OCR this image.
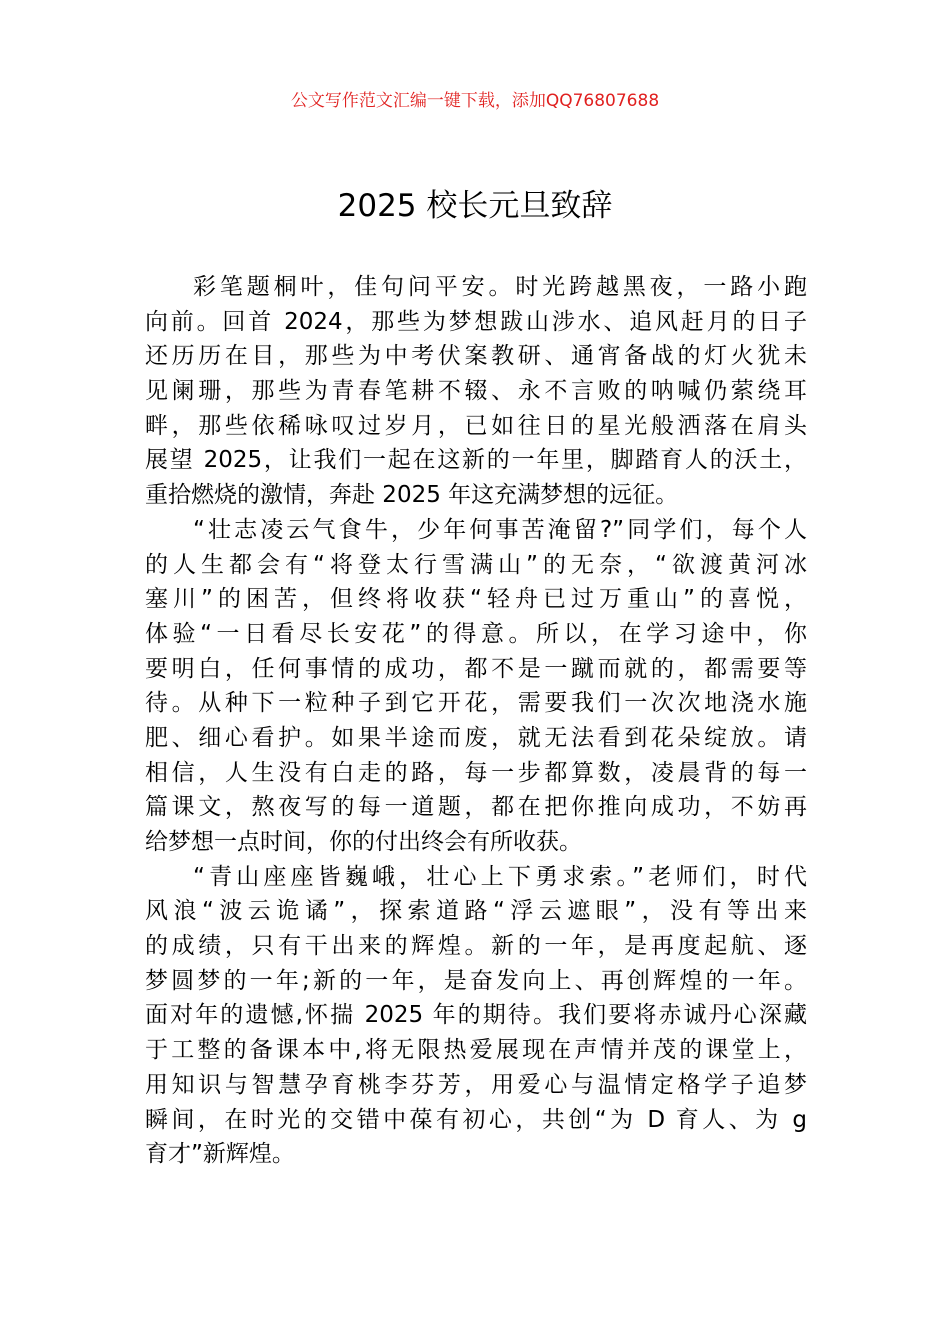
公文写作范文汇编一键下载，添加QQ76807688
2025 校长元旦致辞
彩笔题桐叶，佳句问平安。时光跨越黑夜，一路小跑
向前。回首 2024，那些为梦想跋山涉水、追风赶月的日子
还历历在目，那些为中考伏案教研、通宵备战的灯火犹未
见阑珊，那些为青春笔耕不辍、永不言败的呐喊仍萦绕耳
畔，那些依稀咏叹过岁月，已如往日的星光般洒落在肩头
展望 2025，让我们一起在这新的一年里，脚踏育人的沃土，
重拾燃烧的激情，奔赴 2025 年这充满梦想的远征。
“壮志凌云气食牛，少年何事苦淹留?”同学们，每个人
的人生都会有“将登太行雪满山”的无奈，“欲渡黄河冰
塞川”的困苦，但终将收获“轻舟已过万重山”的喜悦，
体验“一日看尽长安花”的得意。所以，在学习途中，你
要明白，任何事情的成功，都不是一蹴而就的，都需要等
待。从种下一粒种子到它开花，需要我们一次次地浇水施
肥、细心看护。如果半途而废，就无法看到花朵绽放。请
相信，人生没有白走的路，每一步都算数，凌晨背的每一
篇课文，熬夜写的每一道题，都在把你推向成功，不妨再
给梦想一点时间，你的付出终会有所收获。
“青山座座皆巍峨，壮心上下勇求索。”老师们，时代
风浪“波云诡谲”，探索道路“浮云遮眼”，没有等出来
的成绩，只有干出来的辉煌。新的一年，是再度起航、逐
梦圆梦的一年;新的一年，是奋发向上、再创辉煌的一年。
面对年的遗憾,怀揣 2025 年的期待。我们要将赤诚丹心深藏
于工整的备课本中,将无限热爱展现在声情并茂的课堂上，
用知识与智慧孕育桃李芬芳，用爱心与温情定格学子追梦
瞬间，在时光的交错中葆有初心，共创“为 D 育人、为 g
育才”新辉煌。
